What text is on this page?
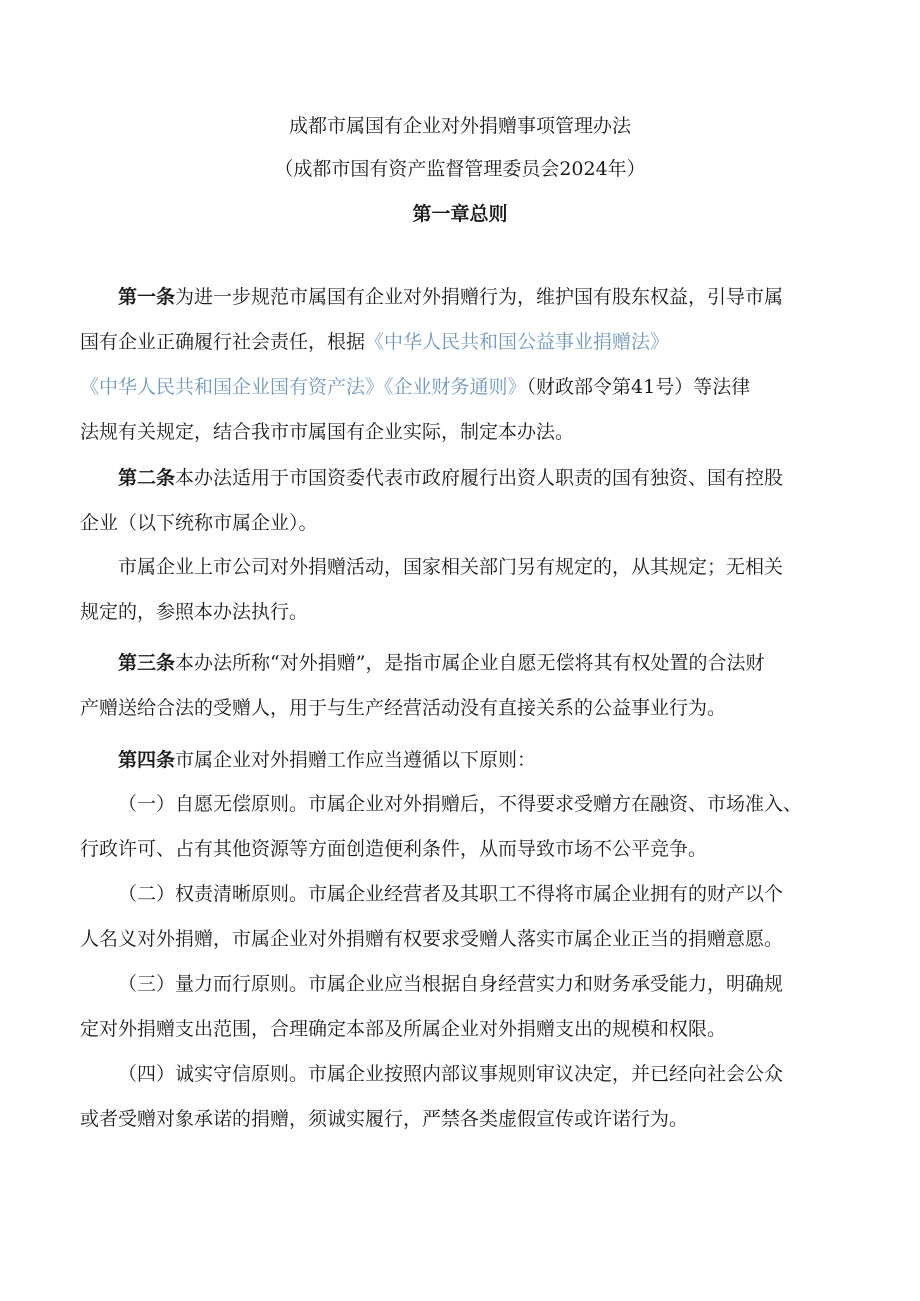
成都市属国有企业对外捐赠事项管理办法
（成都市国有资产监督管理委员会2024年）
第一章总则
第一条为进一步规范市属国有企业对外捐赠行为，维护国有股东权益，引导市属
国有企业正确履行社会责任，根据《中华人民共和国公益事业捐赠法》
《中华人民共和国企业国有资产法》《企业财务通则》（财政部令第41号）等法律
法规有关规定，结合我市市属国有企业实际，制定本办法。
第二条本办法适用于市国资委代表市政府履行出资人职责的国有独资、国有控股
企业（以下统称市属企业）。
市属企业上市公司对外捐赠活动，国家相关部门另有规定的，从其规定；无相关
规定的，参照本办法执行。
第三条本办法所称“对外捐赠”，是指市属企业自愿无偿将其有权处置的合法财
产赠送给合法的受赠人，用于与生产经营活动没有直接关系的公益事业行为。
第四条市属企业对外捐赠工作应当遵循以下原则：
（一）自愿无偿原则。市属企业对外捐赠后，不得要求受赠方在融资、市场准入、
行政许可、占有其他资源等方面创造便利条件，从而导致市场不公平竞争。
（二）权责清晰原则。市属企业经营者及其职工不得将市属企业拥有的财产以个
人名义对外捐赠，市属企业对外捐赠有权要求受赠人落实市属企业正当的捐赠意愿。
（三）量力而行原则。市属企业应当根据自身经营实力和财务承受能力，明确规
定对外捐赠支出范围，合理确定本部及所属企业对外捐赠支出的规模和权限。
（四）诚实守信原则。市属企业按照内部议事规则审议决定，并已经向社会公众
或者受赠对象承诺的捐赠，须诚实履行，严禁各类虚假宣传或许诺行为。
